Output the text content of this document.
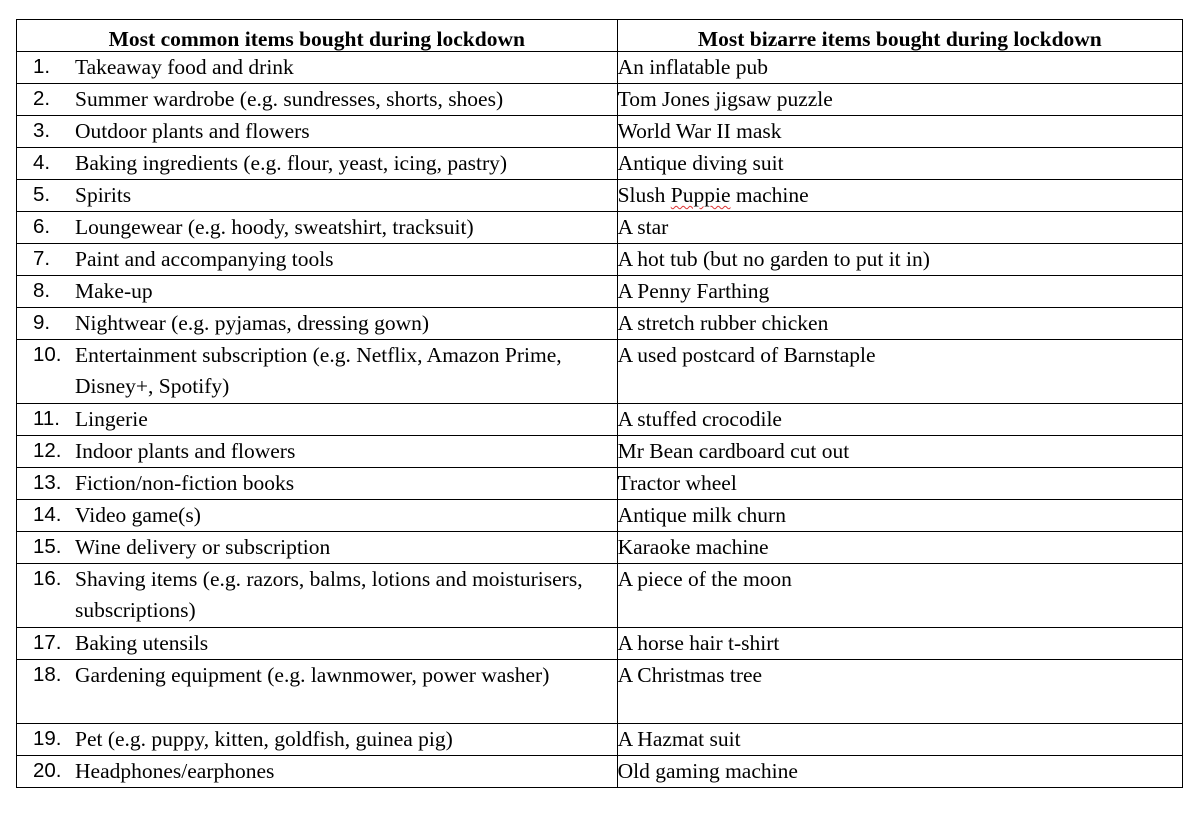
Most common items bought during lockdown	Most bizarre items bought during lockdown

1. Takeaway food and drink	An inflatable pub

2. Summer wardrobe (e.g. sundresses, shorts, shoes)	Tom Jones jigsaw puzzle

3. Outdoor plants and flowers	World War II mask

4. Baking ingredients (e.g. flour, yeast, icing, pastry)	Antique diving suit

5. Spirits	Slush Puppie machine

6. Loungewear (e.g. hoody, sweatshirt, tracksuit)	A star

7. Paint and accompanying tools	A hot tub (but no garden to put it in)

8. Make-up	A Penny Farthing

9. Nightwear (e.g. pyjamas, dressing gown)	A stretch rubber chicken

10. Entertainment subscription (e.g. Netflix, Amazon Prime, Disney+, Spotify)	A used postcard of Barnstaple

11. Lingerie	A stuffed crocodile

12. Indoor plants and flowers	Mr Bean cardboard cut out

13. Fiction/non-fiction books	Tractor wheel

14. Video game(s)	Antique milk churn

15. Wine delivery or subscription	Karaoke machine

16. Shaving items (e.g. razors, balms, lotions and moisturisers, subscriptions)	A piece of the moon

17. Baking utensils	A horse hair t-shirt

18. Gardening equipment (e.g. lawnmower, power washer)	A Christmas tree

19. Pet (e.g. puppy, kitten, goldfish, guinea pig)	A Hazmat suit

20. Headphones/earphones	Old gaming machine
